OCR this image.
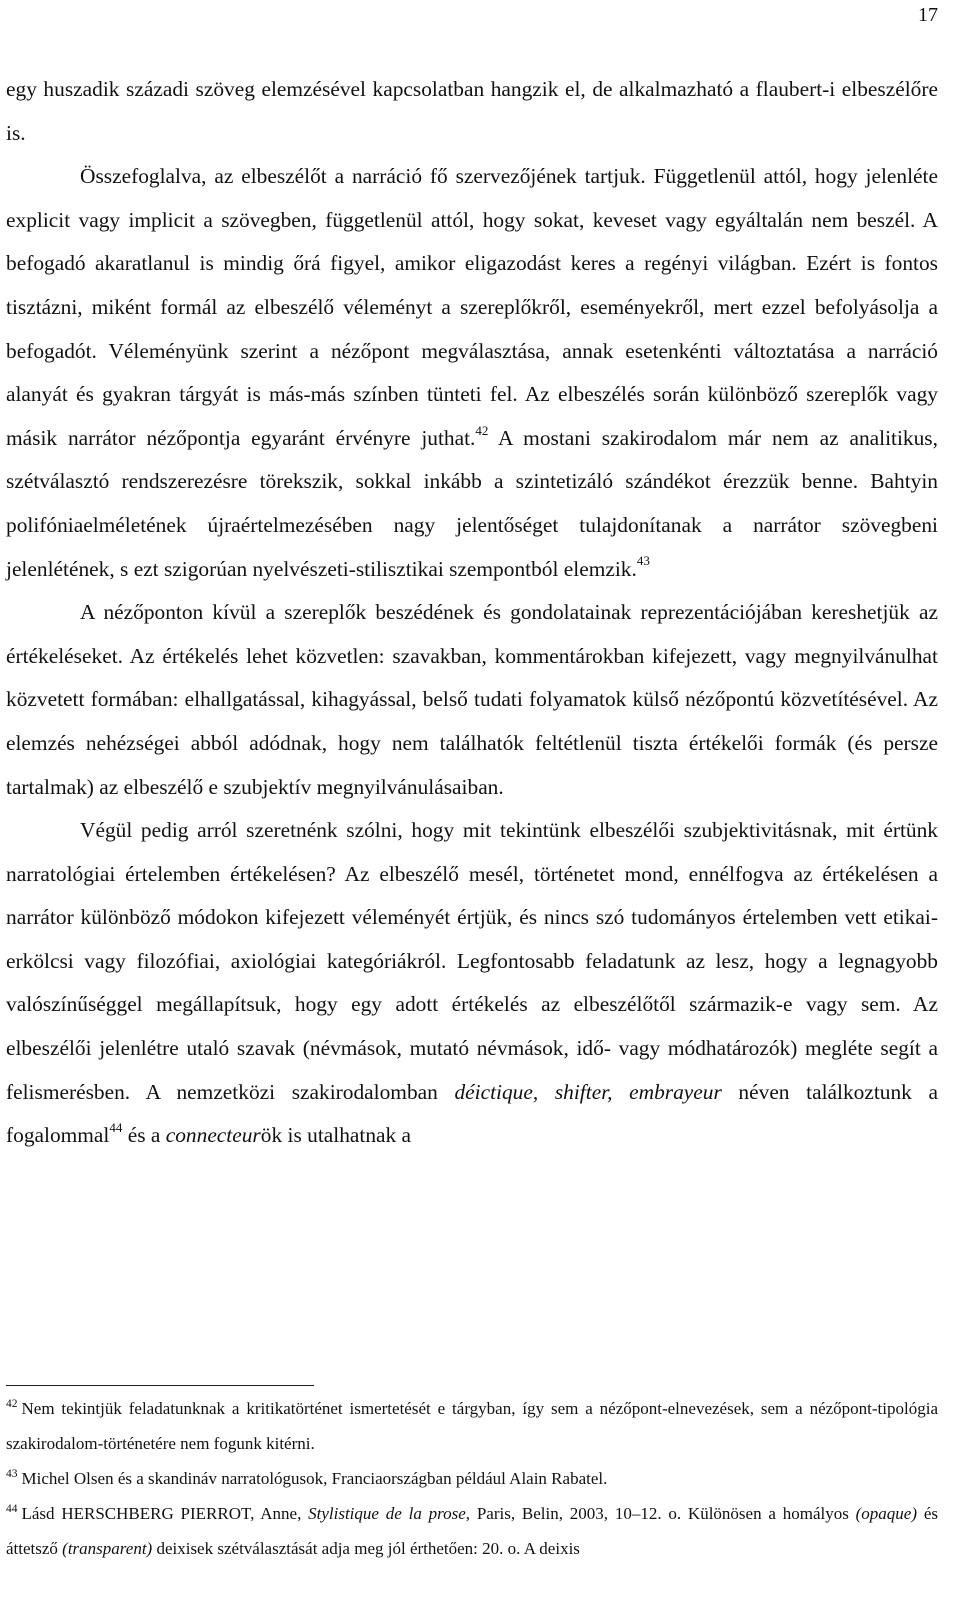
17

egy huszadik századi szöveg elemzésével kapcsolatban hangzik el, de alkalmazható a flaubert-i elbeszélőre is.

Összefoglalva, az elbeszélőt a narráció fő szervezőjének tartjuk. Függetlenül attól, hogy jelenléte explicit vagy implicit a szövegben, függetlenül attól, hogy sokat, keveset vagy egyáltalán nem beszél. A befogadó akaratlanul is mindig őrá figyel, amikor eligazodást keres a regényi világban. Ezért is fontos tisztázni, miként formál az elbeszélő véleményt a szereplőkről, eseményekről, mert ezzel befolyásolja a befogadót. Véleményünk szerint a nézőpont megválasztása, annak esetenkénti változtatása a narráció alanyát és gyakran tárgyát is más-más színben tünteti fel. Az elbeszélés során különböző szereplők vagy másik narrátor nézőpontja egyaránt érvényre juthat.$^{42}$ A mostani szakirodalom már nem az analitikus, szétválasztó rendszerezésre törekszik, sokkal inkább a szintetizáló szándékot érezzük benne. Bahtyin polifóniaelméletének újraértelmezésében nagy jelentőséget tulajdonítanak a narrátor szövegbeni jelenlétének, s ezt szigorúan nyelvészeti-stilisztikai szempontból elemzik.$^{43}$

A nézőponton kívül a szereplők beszédének és gondolatainak reprezentációjában kereshetjük az értékeléseket. Az értékelés lehet közvetlen: szavakban, kommentárokban kifejezett, vagy megnyilvánulhat közvetett formában: elhallgatással, kihagyással, belső tudati folyamatok külső nézőpontú közvetítésével. Az elemzés nehézségei abból adódnak, hogy nem találhatók feltétlenül tiszta értékelői formák (és persze tartalmak) az elbeszélő e szubjektív megnyilvánulásaiban.

Végül pedig arról szeretnénk szólni, hogy mit tekintünk elbeszélői szubjektivitásnak, mit értünk narratológiai értelemben értékelésen? Az elbeszélő mesél, történetet mond, ennélfogva az értékelésen a narrátor különböző módokon kifejezett véleményét értjük, és nincs szó tudományos értelemben vett etikai-erkölcsi vagy filozófiai, axiológiai kategóriákról. Legfontosabb feladatunk az lesz, hogy a legnagyobb valószínűséggel megállapítsuk, hogy egy adott értékelés az elbeszélőtől származik-e vagy sem. Az elbeszélői jelenlétre utaló szavak (névmások, mutató névmások, idő- vagy módhatározók) megléte segít a felismerésben. A nemzetközi szakirodalomban déictique, shifter, embrayeur néven találkoztunk a fogalommal$^{44}$ és a connecteurök is utalhatnak a

$^{42}$ Nem tekintjük feladatunknak a kritikatörténet ismertetését e tárgyban, így sem a nézőpont-elnevezések, sem a nézőpont-tipológia szakirodalom-történetére nem fogunk kitérni.

$^{43}$ Michel Olsen és a skandináv narratológusok, Franciaországban például Alain Rabatel.

$^{44}$ Lásd HERSCHBERG PIERROT, Anne, Stylistique de la prose, Paris, Belin, 2003, 10–12. o. Különösen a homályos (opaque) és áttetsző (transparent) deixisek szétválasztását adja meg jól érthetően: 20. o. A deixis
